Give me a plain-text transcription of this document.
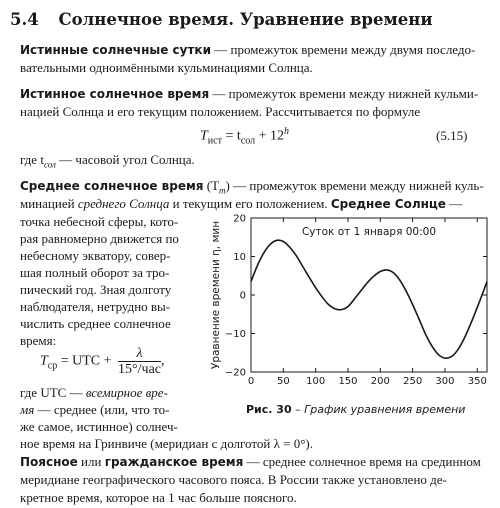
5.4 Солнечное время. Уравнение времени
Истинные солнечные сутки — промежуток времени между двумя последо-
вательными одноимёнными кульминациями Солнца.
Истинное солнечное время — промежуток времени между нижней кульми-
нацией Солнца и его текущим положением. Рассчитывается по формуле
$T_{ист} = t_{сол} + 12^h$	(5.15)
где $t_{сол}$ — часовой угол Солнца.
Среднее солнечное время $(T_m)$ — промежуток времени между нижней куль-
минацией среднего Солнца и текущим его положением. Среднее Солнце —
точка небесной сферы, кото-
рая равномерно движется по
небесному экватору, совер-
шая полный оборот за тро-
пический год. Зная долготу
наблюдателя, нетрудно вы-
числить среднее солнечное
время:
$T_{ср}$ = UTC + $\frac{\lambda}{\text{15°/час}}$ ,
где UTC — всемирное вре-
мя — среднее (или, что то-
же самое, истинное) солнеч-
ное время на Гринвиче (меридиан с долготой λ = 0°).
−20
−10
0
10
20
0 50 100 150 200 250 300 350
Суток от 1 января 00:00
Уравнение времени η, мин
Рис. 30 – График уравнения времени
Поясное или гражданское время — среднее солнечное время на срединном
меридиане географического часового пояса. В России также установлено де-
кретное время, которое на 1 час больше поясного.
